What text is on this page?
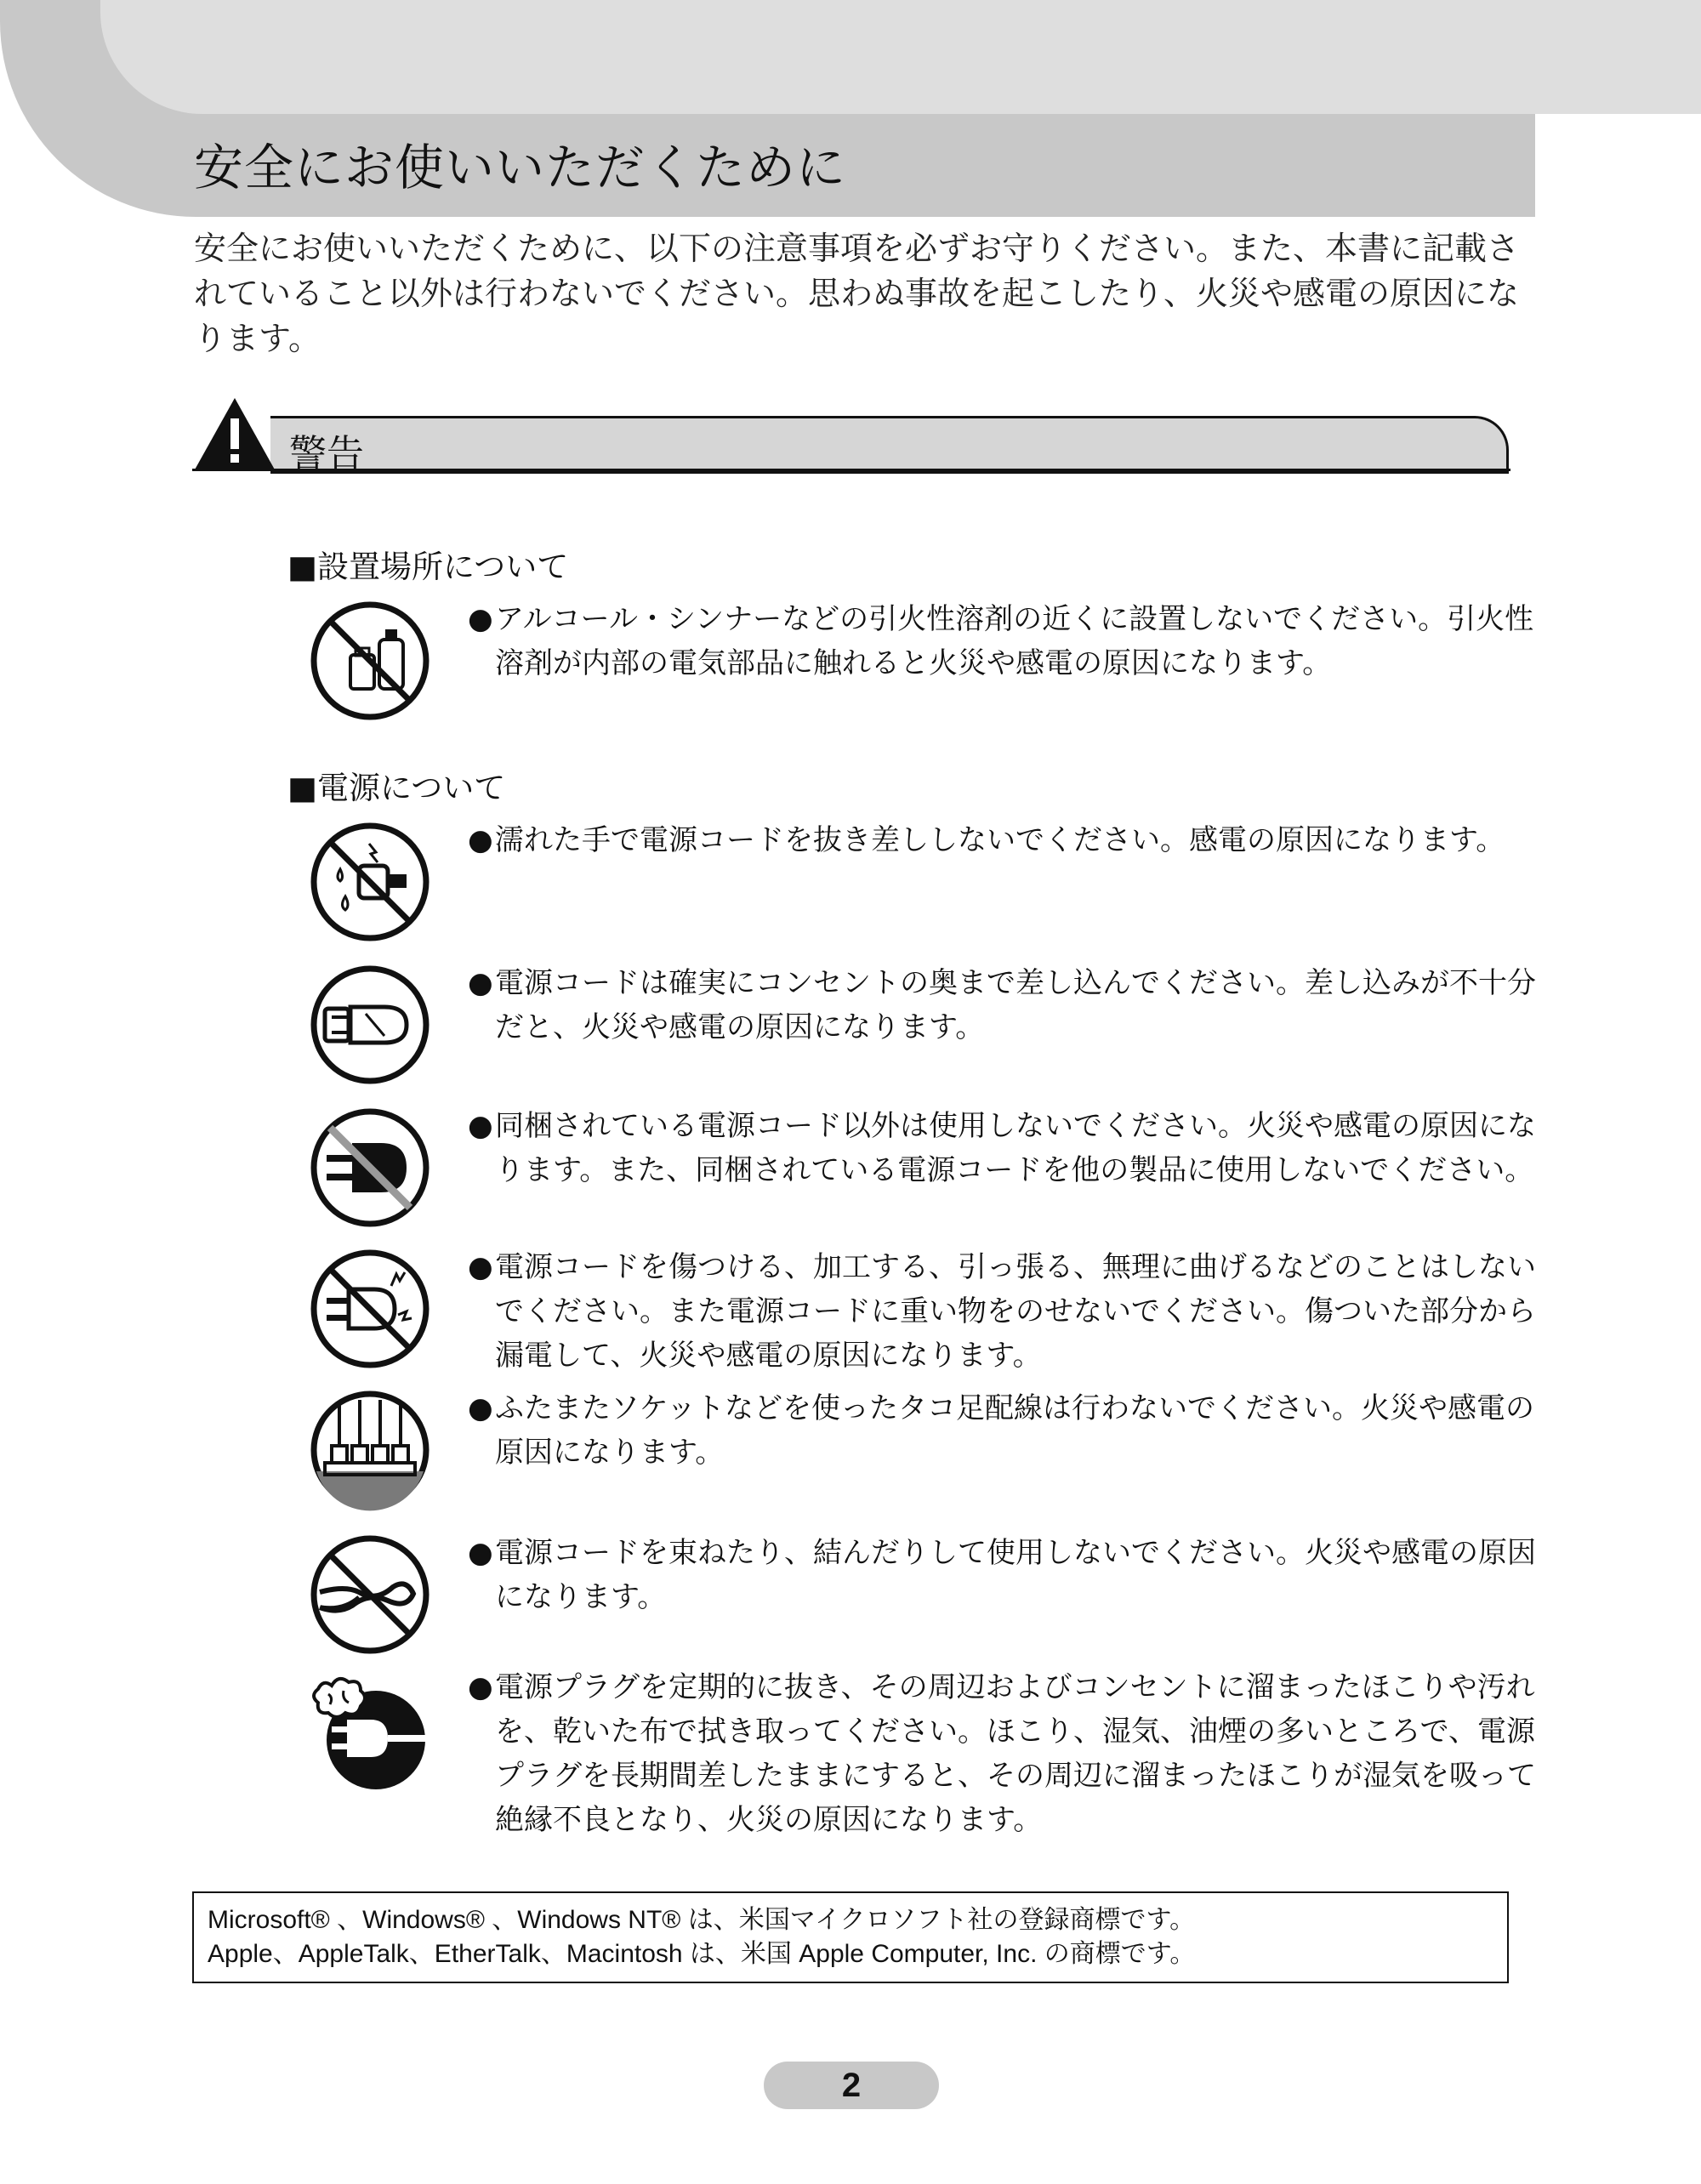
安全にお使いいただくために

安全にお使いいただくために、以下の注意事項を必ずお守りください。また、本書に記載されていること以外は行わないでください。思わぬ事故を起こしたり、火災や感電の原因になります。

警告
■設置場所について
●アルコール・シンナーなどの引火性溶剤の近くに設置しないでください。引火性溶剤が内部の電気部品に触れると火災や感電の原因になります。
■電源について
●濡れた手で電源コードを抜き差ししないでください。感電の原因になります。
●電源コードは確実にコンセントの奥まで差し込んでください。差し込みが不十分だと、火災や感電の原因になります。
●同梱されている電源コード以外は使用しないでください。火災や感電の原因になります。また、同梱されている電源コードを他の製品に使用しないでください。
●電源コードを傷つける、加工する、引っ張る、無理に曲げるなどのことはしないでください。また電源コードに重い物をのせないでください。傷ついた部分から漏電して、火災や感電の原因になります。
●ふたまたソケットなどを使ったタコ足配線は行わないでください。火災や感電の原因になります。
●電源コードを束ねたり、結んだりして使用しないでください。火災や感電の原因になります。
●電源プラグを定期的に抜き、その周辺およびコンセントに溜まったほこりや汚れを、乾いた布で拭き取ってください。ほこり、湿気、油煙の多いところで、電源プラグを長期間差したままにすると、その周辺に溜まったほこりが湿気を吸って絶縁不良となり、火災の原因になります。
Microsoft® 、Windows® 、Windows NT® は、米国マイクロソフト社の登録商標です。
Apple、AppleTalk、EtherTalk、Macintosh は、米国 Apple Computer, Inc. の商標です。
2
